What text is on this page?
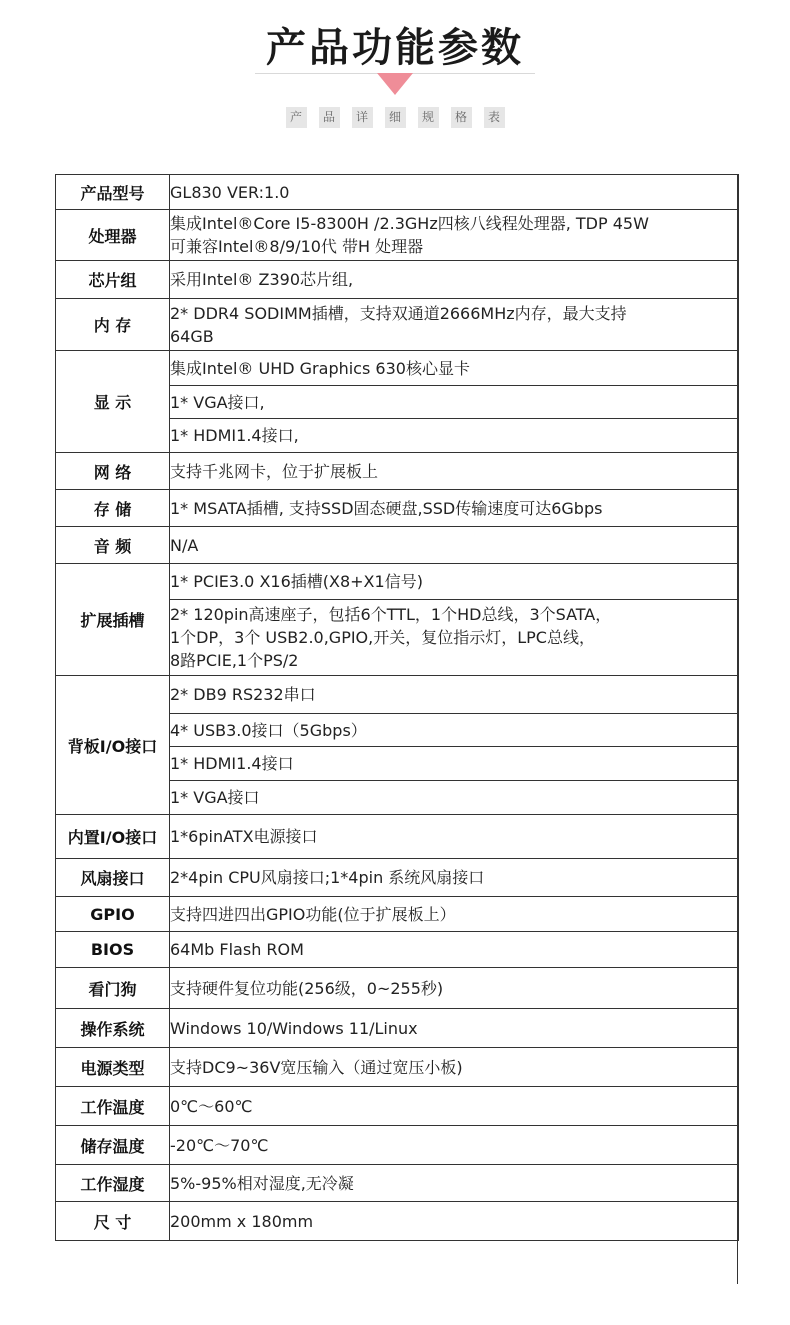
产品功能参数
产	品	详	细	规	格	表
产品型号	GL830 VER:1.0
处理器	集成Intel®Core I5-8300H /2.3GHz四核八线程处理器, TDP 45W
可兼容Intel®8/9/10代 带H 处理器
芯片组	采用Intel® Z390芯片组,
内 存	2* DDR4 SODIMM插槽，支持双通道2666MHz内存，最大支持
64GB
显 示	集成Intel® UHD Graphics 630核心显卡
	1* VGA接口,
	1* HDMI1.4接口,
网 络	支持千兆网卡，位于扩展板上
存 储	1* MSATA插槽, 支持SSD固态硬盘,SSD传输速度可达6Gbps
音 频	N/A
扩展插槽	1* PCIE3.0 X16插槽(X8+X1信号)
	2* 120pin高速座子，包括6个TTL，1个HD总线，3个SATA，
1个DP，3个 USB2.0,GPIO,开关，复位指示灯，LPC总线，
8路PCIE,1个PS/2
背板I/O接口	2* DB9 RS232串口
	4* USB3.0接口（5Gbps）
	1* HDMI1.4接口
	1* VGA接口
内置I/O接口	1*6pinATX电源接口
风扇接口	2*4pin CPU风扇接口;1*4pin 系统风扇接口
GPIO	支持四进四出GPIO功能(位于扩展板上）
BIOS	64Mb Flash ROM
看门狗	支持硬件复位功能(256级，0~255秒)
操作系统	Windows 10/Windows 11/Linux
电源类型	支持DC9~36V宽压输入（通过宽压小板)
工作温度	0℃～60℃
储存温度	-20℃～70℃
工作湿度	5%-95%相对湿度,无冷凝
尺 寸	200mm x 180mm
